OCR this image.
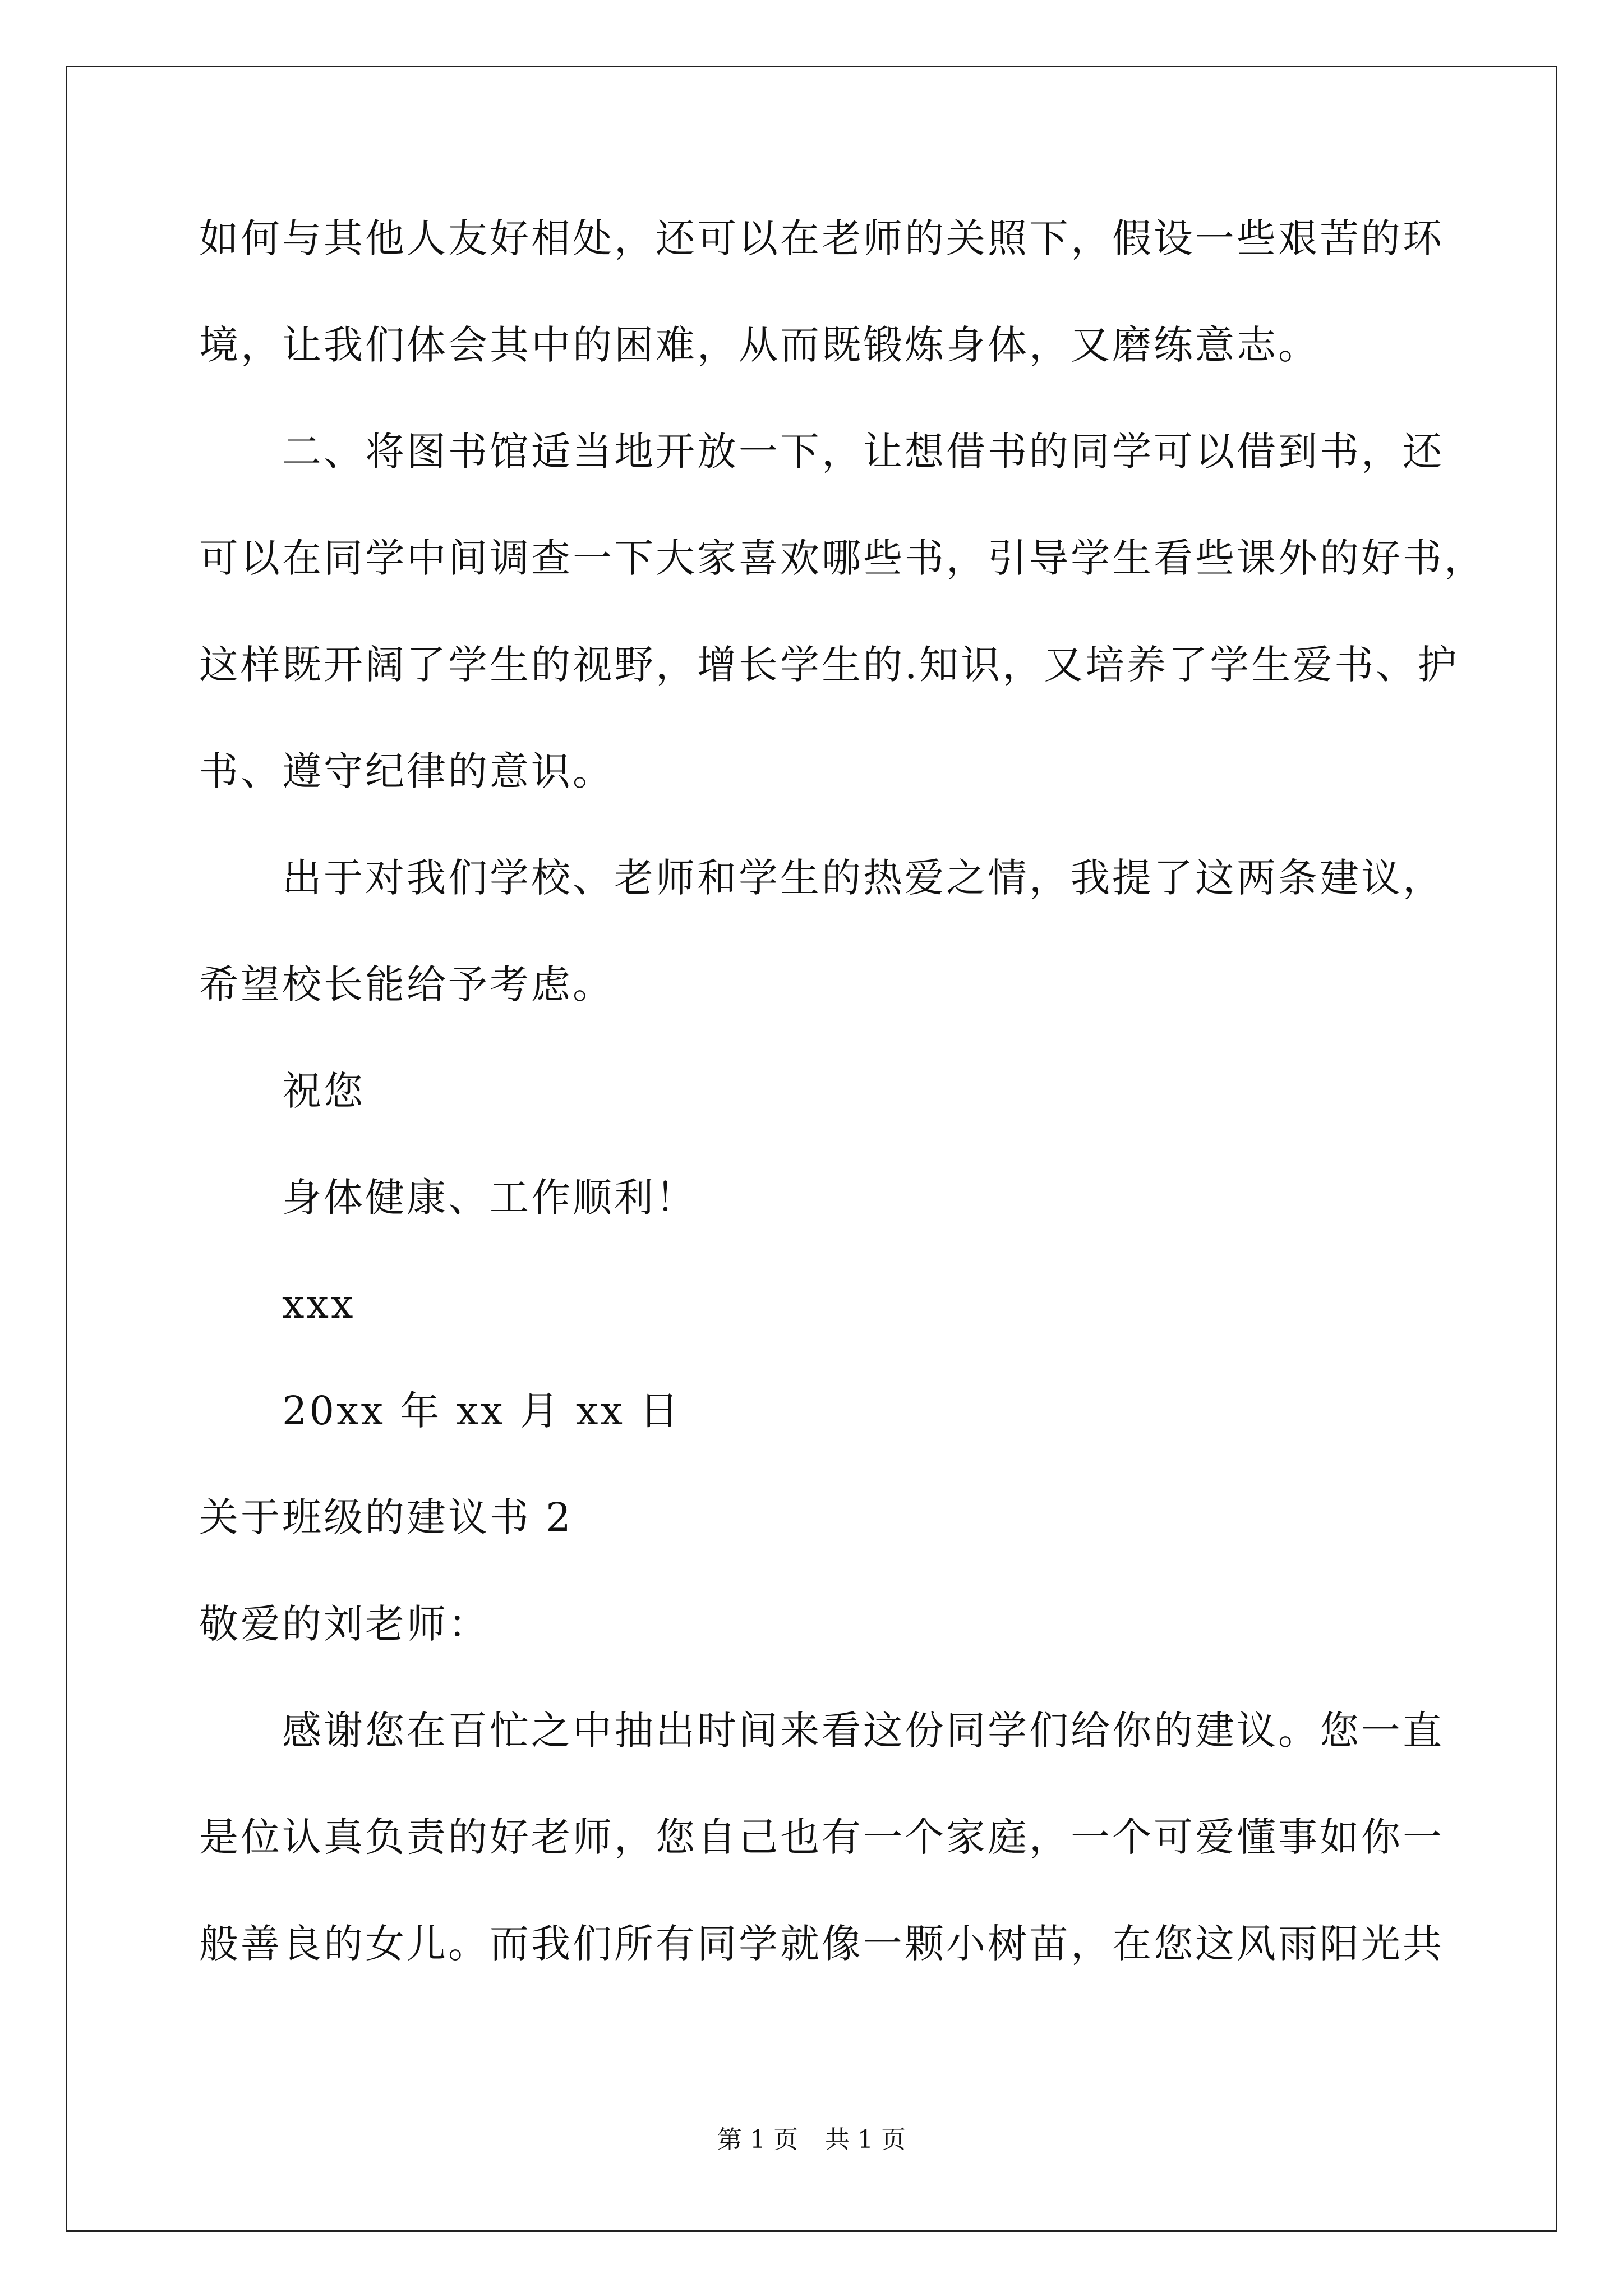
如何与其他人友好相处，还可以在老师的关照下，假设一些艰苦的环
境，让我们体会其中的困难，从而既锻炼身体，又磨练意志。
二、将图书馆适当地开放一下，让想借书的同学可以借到书，还
可以在同学中间调查一下大家喜欢哪些书，引导学生看些课外的好书，
这样既开阔了学生的视野，增长学生的.知识，又培养了学生爱书、护
书、遵守纪律的意识。
出于对我们学校、老师和学生的热爱之情，我提了这两条建议，
希望校长能给予考虑。
祝您
身体健康、工作顺利！
xxx
20xx 年 xx 月 xx 日
关于班级的建议书 2
敬爱的刘老师：
感谢您在百忙之中抽出时间来看这份同学们给你的建议。您一直
是位认真负责的好老师，您自己也有一个家庭，一个可爱懂事如你一
般善良的女儿。而我们所有同学就像一颗小树苗，在您这风雨阳光共
第 1 页 共 1 页
